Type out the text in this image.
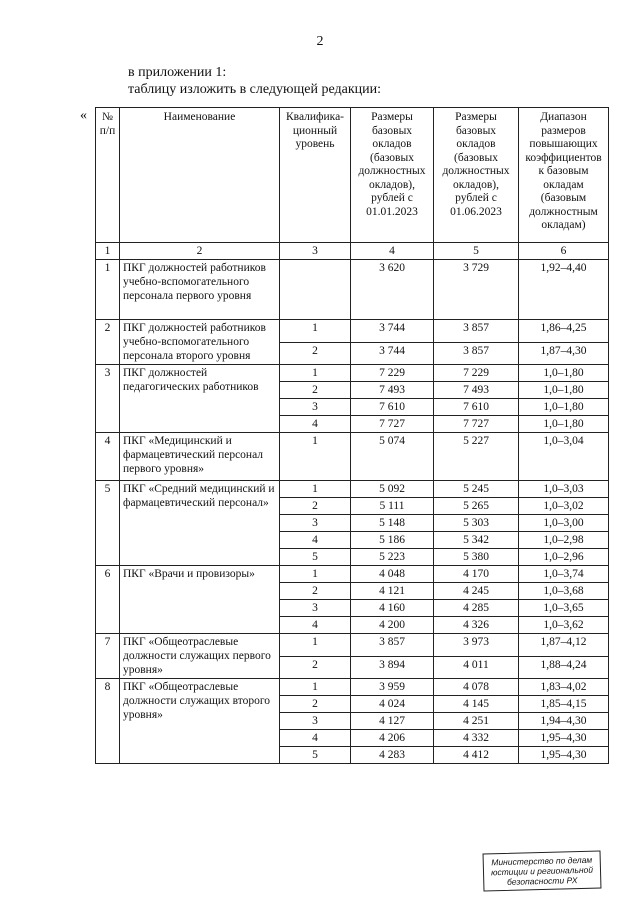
2
в приложении 1:
таблицу изложить в следующей редакции:
« № п/п	Наименование	Квалифика-ционный уровень	Размеры базовых окладов (базовых должностных окладов), рублей с 01.01.2023	Размеры базовых окладов (базовых должностных окладов), рублей с 01.06.2023	Диапазон размеров повышающих коэффициентов к базовым окладам (базовым должностным окладам)
1	2	3	4	5	6
1	ПКГ должностей работников учебно-вспомогательного персонала первого уровня		3 620	3 729	1,92–4,40
2	ПКГ должностей работников учебно-вспомогательного персонала второго уровня	1	3 744	3 857	1,86–4,25
		2	3 744	3 857	1,87–4,30
3	ПКГ должностей педагогических работников	1	7 229	7 229	1,0–1,80
		2	7 493	7 493	1,0–1,80
		3	7 610	7 610	1,0–1,80
		4	7 727	7 727	1,0–1,80
4	ПКГ «Медицинский и фармацевтический персонал первого уровня»	1	5 074	5 227	1,0–3,04
5	ПКГ «Средний медицинский и фармацевтический персонал»	1	5 092	5 245	1,0–3,03
		2	5 111	5 265	1,0–3,02
		3	5 148	5 303	1,0–3,00
		4	5 186	5 342	1,0–2,98
		5	5 223	5 380	1,0–2,96
6	ПКГ «Врачи и провизоры»	1	4 048	4 170	1,0–3,74
		2	4 121	4 245	1,0–3,68
		3	4 160	4 285	1,0–3,65
		4	4 200	4 326	1,0–3,62
7	ПКГ «Общеотраслевые должности служащих первого уровня»	1	3 857	3 973	1,87–4,12
		2	3 894	4 011	1,88–4,24
8	ПКГ «Общеотраслевые должности служащих второго уровня»	1	3 959	4 078	1,83–4,02
		2	4 024	4 145	1,85–4,15
		3	4 127	4 251	1,94–4,30
		4	4 206	4 332	1,95–4,30
		5	4 283	4 412	1,95–4,30
Министерство по делам
юстиции и региональной
безопасности РХ
